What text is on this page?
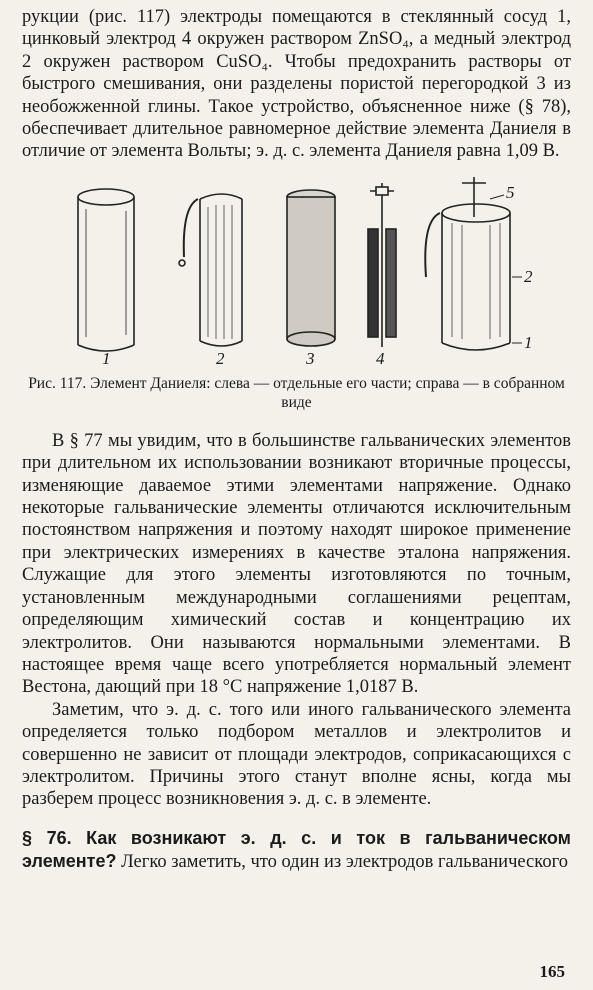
рукции (рис. 117) электроды помещаются в стеклянный сосуд 1, цинковый электрод 4 окружен раствором ZnSO₄, а медный электрод 2 окружен раствором CuSO₄. Чтобы предохранить растворы от быстрого смешивания, они разделены пористой перегородкой 3 из необожженной глины. Такое устройство, объясненное ниже (§ 78), обеспечивает длительное равномерное действие элемента Даниеля в отличие от элемента Вольты; э. д. с. элемента Даниеля равна 1,09 В.

1	2	3	4
5
2
1
Рис. 117. Элемент Даниеля: слева — отдельные его части; справа — в собранном виде

В § 77 мы увидим, что в большинстве гальванических элементов при длительном их использовании возникают вторичные процессы, изменяющие даваемое этими элементами напряжение. Однако некоторые гальванические элементы отличаются исключительным постоянством напряжения и поэтому находят широкое применение при электрических измерениях в качестве эталона напряжения. Служащие для этого элементы изготовляются по точным, установленным международными соглашениями рецептам, определяющим химический состав и концентрацию их электролитов. Они называются нормальными элементами. В настоящее время чаще всего употребляется нормальный элемент Вестона, дающий при 18 °C напряжение 1,0187 В.

Заметим, что э. д. с. того или иного гальванического элемента определяется только подбором металлов и электролитов и совершенно не зависит от площади электродов, соприкасающихся с электролитом. Причины этого станут вполне ясны, когда мы разберем процесс возникновения э. д. с. в элементе.

§ 76. Как возникают э. д. с. и ток в гальваническом элементе? Легко заметить, что один из электродов гальванического

165
